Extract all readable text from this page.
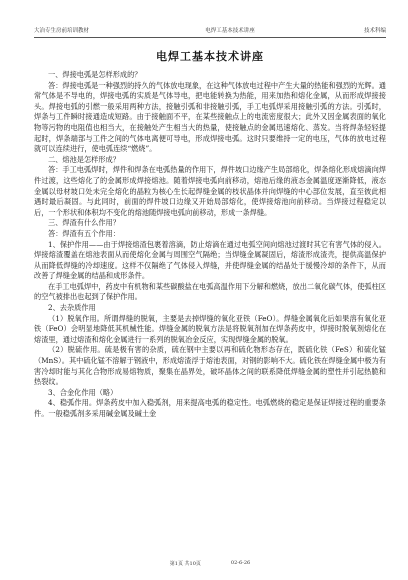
大冶专生房前培训教材	电焊工基本技术讲座	技术科编
电焊工基本技术讲座
一、焊接电弧是怎样形成的？
答：焊接电弧是一种强烈的持久的气体放电现象，在这种气体放电过程中产生大量的热能和强烈的光辉。通常气体是不导电的，焊接电弧的实质是气体导电，把电能转换为热能，用来加热和熔化金属，从而形成焊接接头。焊接电弧的引燃一般采用两种方法，接触引弧和非接触引弧，手工电弧焊采用接触引弧的方法。引弧时，焊条与工件瞬时接通造成短路。由于接触面不平，在某些接触点上的电流密度很大；此外又因金属表面的氧化物等污物的电阻值也相当大，在接触处产生相当大的热量，使接触点的金属迅速熔化、蒸发。当将焊条轻轻提起时，焊条端部与工件之间的气体电离便可导电，形成焊接电弧。这时只要维持一定的电压，气体的放电过程就可以连续进行，使电弧连续“燃烧”。
二、熔池是怎样形成？
答：手工电弧焊时，焊件和焊条在电弧热量的作用下，焊件坡口边缘产生局部熔化，焊条熔化形成熔滴向焊件过渡，这些熔化了的金属形成焊接熔池。随着焊接电弧向前移动，熔池后缘的液态金属温度逐渐降低，液态金属以母材坡口处未完全熔化的晶粒为核心生长起焊缝金属的枝状晶体并向焊缝的中心部位发展，直至彼此相遇时最后凝固。与此同时，前面的焊件坡口边缘又开始局部熔化，使焊接熔池向前移动。当焊接过程稳定以后，一个形状和体积均不变化的熔池随焊接电弧向前移动，形成一条焊缝。
三、焊渣有什么作用？
答：焊渣有五个作用：
1、保护作用——由于焊接熔渣包裹着溶滴，防止熔滴在通过电弧空间向熔池过渡时其它有害气体的侵入。焊接熔渣覆盖在熔池表面从而使熔化金属与周围空气隔绝；当焊缝金属凝固后，熔渣形成渣壳，提供高温保护从而降低焊缝的冷却速度。这样不仅隔绝了气体侵入焊缝，并使焊缝金属的结晶处于缓慢冷却的条件下，从而改善了焊缝金属的结晶和成形条件。
在手工电弧焊中，药皮中有机物和某些碳酸盐在电弧高温作用下分解和燃烧，放出二氧化碳气体，使弧柱区的空气被排出也起到了保护作用。
2、去杂质作用
（1）脱氧作用。所谓焊缝的脱氧，主要是去掉焊缝的氧化亚铁（FeO）。焊缝金属氧化后如果溶有氧化亚铁（FeO）会明显地降低其机械性能。焊缝金属的脱氧方法是将脱氧剂加在焊条药皮中，焊接时脱氧剂熔化在熔渣里，通过熔渣和熔化金属进行一系列的脱氧冶金反应，实现焊缝金属的脱氧。
（2）脱硫作用。硫是极有害的杂质，硫在钢中主要以再和硫化物形态存在，既硫化铁（FeS）和硫化锰（MnS）。其中硫化锰不溶解于钢液中，形成熔渣浮于熔池表面，对钢的影响不大。硫化铁在焊缝金属中极为有害冷却时能与其化合物形成易熔物质，聚集在晶界处，破坏晶体之间的联系降低焊缝金属的塑性并引起热脆和热裂纹。
3、合金化作用（略）
4、稳弧作用。焊条药皮中加入稳弧剂，用来提高电弧的稳定性。电弧燃烧的稳定是保证焊接过程的重要条件。一般稳弧剂多采用碱金属及碱土金
第1页 共10页	02-6-26
